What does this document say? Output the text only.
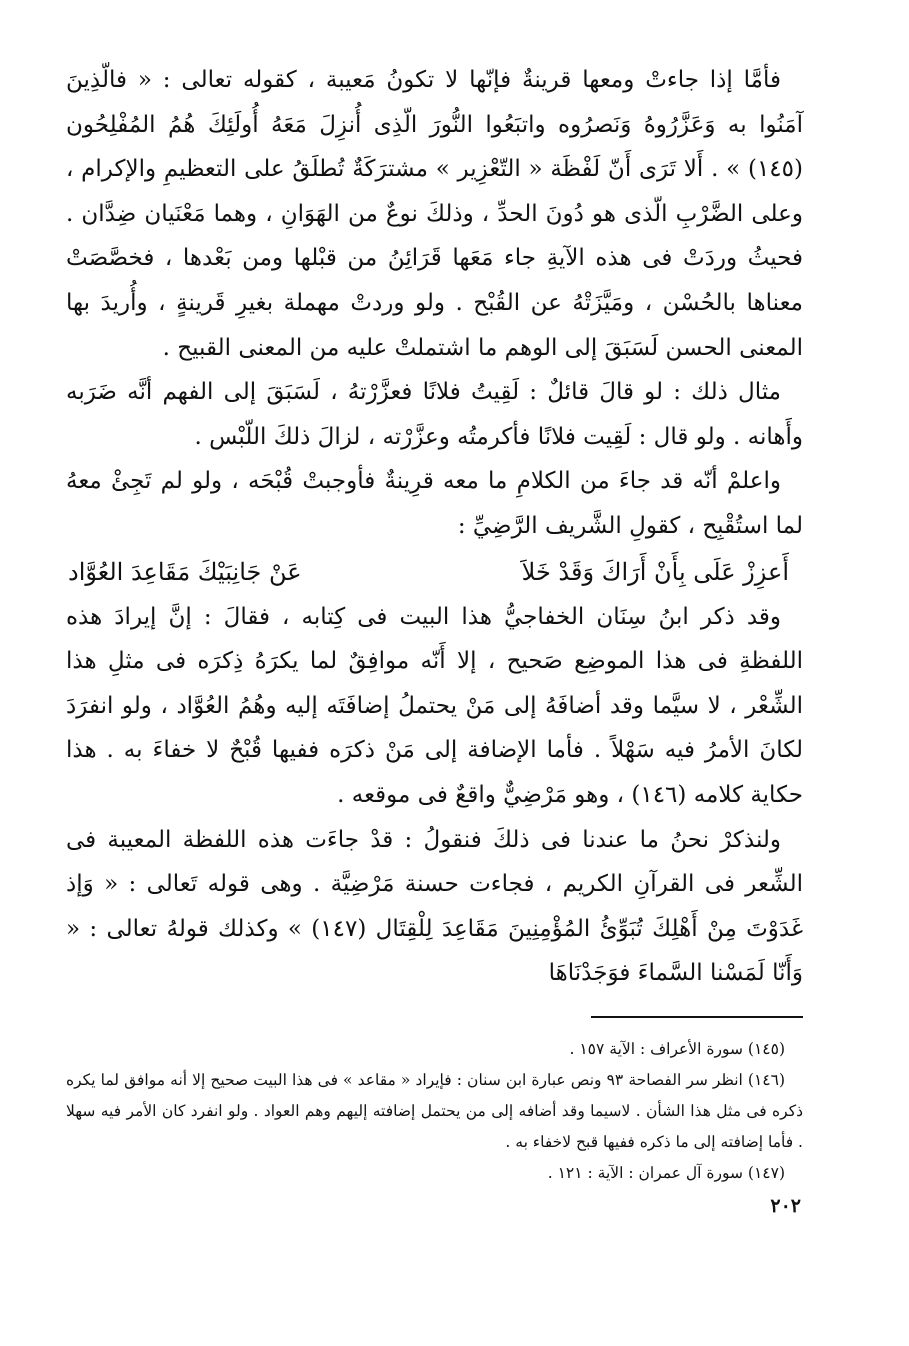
فأمَّا إذا جاءتْ ومعها قرينةٌ فإنّها لا تكونُ مَعيبة ، كقوله تعالى : « فالّذِينَ آمَنُوا به وَعَزَّرُوهُ وَنَصرُوه واتبَعُوا النُّورَ الّذِى أُنزِلَ مَعَهُ أُولَئِكَ هُمُ المُفْلِحُون (١٤٥) » . أَلا تَرَى أَنّ لَفْظَة « التّعْزِير » مشترَكَةٌ تُطلَقُ على التعظيمِ والإكرام ، وعلى الضَّرْبِ الّذى هو دُونَ الحدِّ ، وذلكَ نوعٌ من الهَوَانِ ، وهما مَعْنَيان ضِدَّان . فحيثُ وردَتْ فى هذه الآيةِ جاء مَعَها قَرَائِنُ من قبْلها ومن بَعْدها ، فخصَّصَتْ معناها بالحُسْن ، ومَيَّزَتْهُ عن القُبْح . ولو وردتْ مهملة بغيرِ قَرينةٍ ، وأُريدَ بها المعنى الحسن لَسَبَقَ إلى الوهم ما اشتملتْ عليه من المعنى القبيح .

مثال ذلك : لو قالَ قائلٌ : لَقِيتُ فلانًا فعزَّرْتهُ ، لَسَبَقَ إلى الفهم أنَّه ضَرَبه وأَهانه . ولو قال : لَقِيت فلانًا فأكرمتُه وعزَّرْته ، لزالَ ذلكَ اللّبْس .

واعلمْ أنّه قد جاءَ من الكلامِ ما معه قرِينةٌ فأوجبتْ قُبْحَه ، ولو لم تَجِئْ معهُ لما استُقْبِح ، كقولِ الشَّريف الرَّضِيِّ :

أَعزِزْ عَلَى بِأَنْ أَرَاكَ وَقَدْ خَلاَ
عَنْ جَانِبَيْكَ مَقَاعِدَ العُوَّاد

وقد ذكر ابنُ سِنَان الخفاجيُّ هذا البيت فى كِتابه ، فقالَ : إنَّ إيرادَ هذه اللفظةِ فى هذا الموضِع صَحيح ، إلا أَنّه موافِقٌ لما يكرَهُ ذِكرَه فى مثلِ هذا الشِّعْر ، لا سيَّما وقد أضافَهُ إلى مَنْ يحتملُ إضافَتَه إليه وهُمُ العُوَّاد ، ولو انفرَدَ لكانَ الأمرُ فيه سَهْلاً . فأما الإضافة إلى مَنْ ذكرَه ففيها قُبْحٌ لا خفاءَ به . هذا حكاية كلامه (١٤٦) ، وهو مَرْضِيٌّ واقعٌ فى موقعه .

ولنذكرْ نحنُ ما عندنا فى ذلكَ فنقولُ : قدْ جاءَت هذه اللفظة المعيبة فى الشِّعر فى القرآنِ الكريم ، فجاءت حسنة مَرْضِيَّة . وهى قوله تَعالى : « وَإذ غَدَوْتَ مِنْ أَهْلِكَ تُبَوِّئُ المُؤْمِنِينَ مَقَاعِدَ لِلْقِتَال (١٤٧) » وكذلك قولهُ تعالى : « وَأَنّا لَمَسْنا السَّماءَ فوَجَدْنَاهَا

(١٤٥) سورة الأعراف : الآية ١٥٧ .

(١٤٦) انظر سر الفصاحة ٩٣ ونص عبارة ابن سنان : فإيراد « مقاعد » فى هذا البيت صحيح إلا أنه موافق لما يكره ذكره فى مثل هذا الشأن . لاسيما وقد أضافه إلى من يحتمل إضافته إليهم وهم العواد . ولو انفرد كان الأمر فيه سهلا . فأما إضافته إلى ما ذكره ففيها قبح لاخفاء به .

(١٤٧) سورة آل عمران : الآية : ١٢١ .

٢٠٢
